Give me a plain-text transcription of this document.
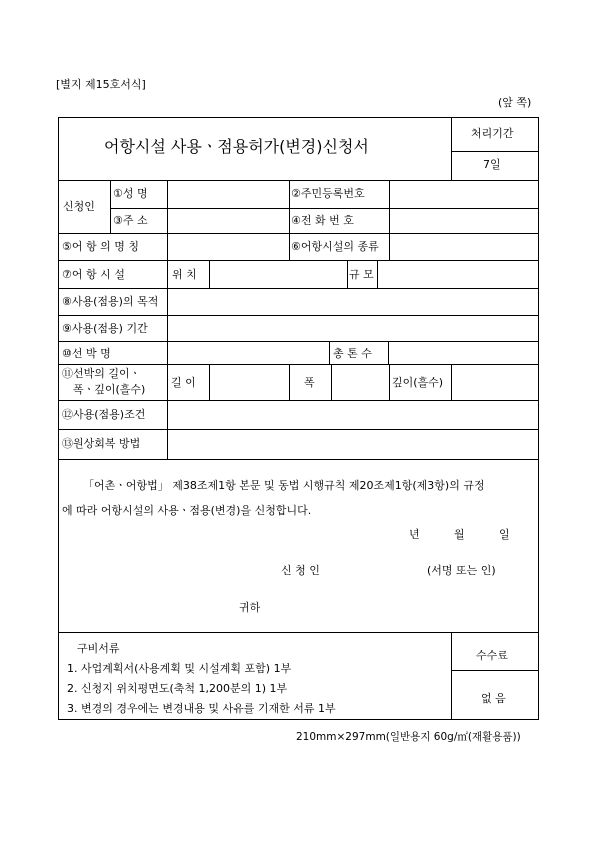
[별지 제15호서식]
(앞 쪽)
어항시설 사용ㆍ점용허가(변경)신청서
처리기간
7일
신청인
①성 명	②주민등록번호
③주 소	④전 화 번 호
⑤어 항 의 명 칭	⑥어항시설의 종류
⑦어 항 시 설	위 치	규 모
⑧사용(점용)의 목적
⑨사용(점용) 기간
⑩선 박 명	총 톤 수
⑪선박의 길이ㆍ
폭ㆍ깊이(흘수)
길 이	폭	깊이(흘수)
⑫사용(점용)조건
⑬원상회복 방법
「어촌ㆍ어항법」 제38조제1항 본문 및 동법 시행규칙 제20조제1항(제3항)의 규정
에 따라 어항시설의 사용ㆍ점용(변경)을 신청합니다.
년	월	일
신 청 인	(서명 또는 인)
귀하
구비서류
1. 사업계획서(사용계획 및 시설계획 포함) 1부
2. 신청지 위치평면도(축척 1,200분의 1) 1부
3. 변경의 경우에는 변경내용 및 사유를 기재한 서류 1부
수수료
없 음
210mm×297mm(일반용지 60g/㎡(재활용품))
